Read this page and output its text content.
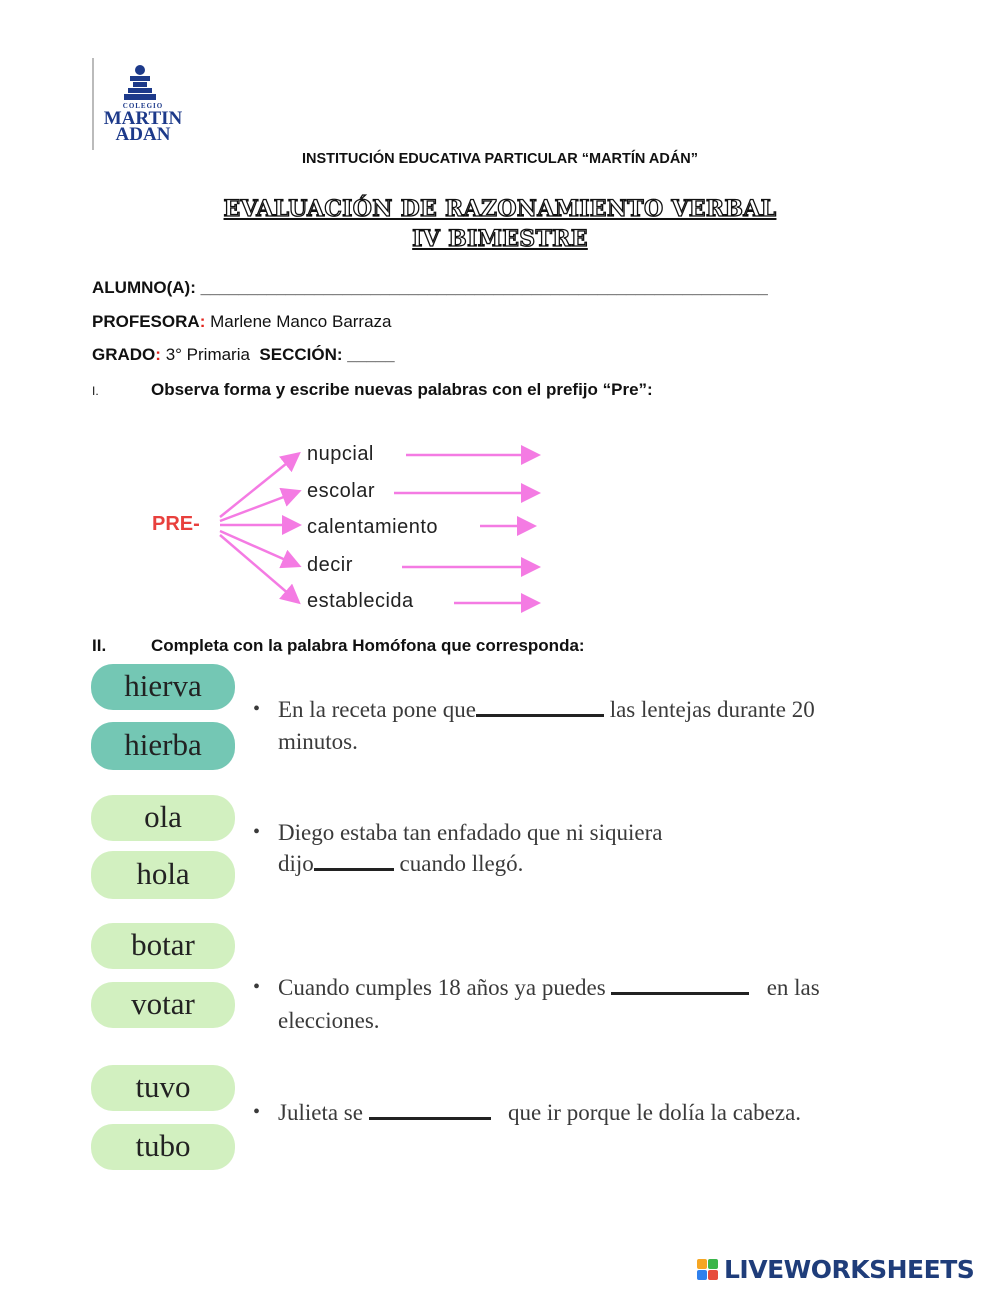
COLEGIO
MARTIN
ADAN
INSTITUCIÓN EDUCATIVA PARTICULAR “MARTÍN ADÁN”
EVALUACIÓN DE RAZONAMIENTO VERBAL
IV BIMESTRE
ALUMNO(A): ____________________________________________________________
PROFESORA: Marlene Manco Barraza
GRADO: 3° Primaria SECCIÓN: _____
I.	Observa forma y escribe nuevas palabras con el prefijo “Pre”:
PRE-
nupcial
escolar
calentamiento
decir
establecida
II.	Completa con la palabra Homófona que corresponda:
hierva
hierba
• En la receta pone que	las lentejas durante 20
minutos.
ola
hola
• Diego estaba tan enfadado que ni siquiera
dijo	cuando llegó.
botar
votar	• Cuando cumples 18 años ya puedes	en las
elecciones.
tuvo
tubo
• Julieta se	que ir porque le dolía la cabeza.
LIVEWORKSHEETS
